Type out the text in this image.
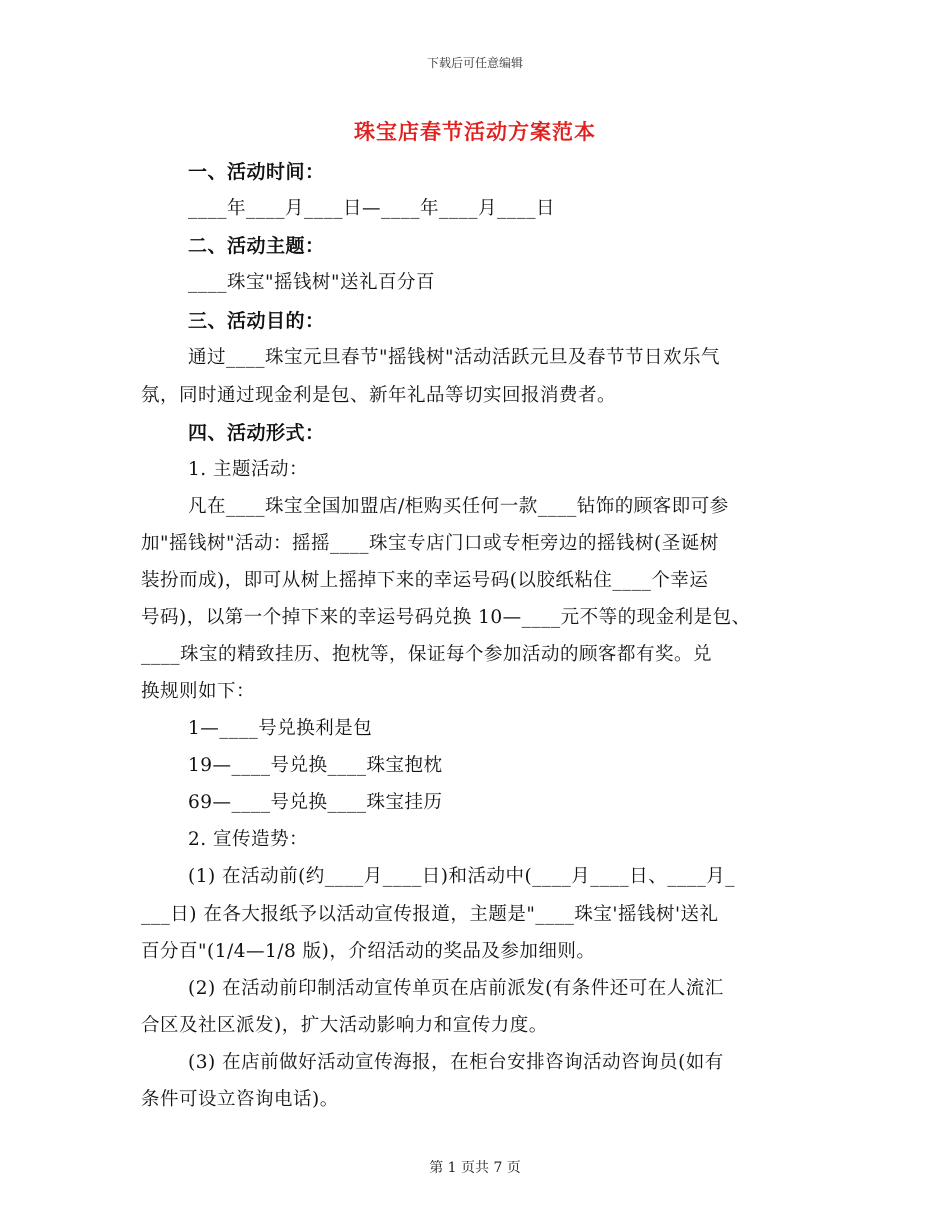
下载后可任意编辑
珠宝店春节活动方案范本
一、活动时间：
____年____月____日—____年____月____日
二、活动主题：
____珠宝"摇钱树"送礼百分百
三、活动目的：
通过____珠宝元旦春节"摇钱树"活动活跃元旦及春节节日欢乐气
氛，同时通过现金利是包、新年礼品等切实回报消费者。
四、活动形式：
1. 主题活动：
凡在____珠宝全国加盟店/柜购买任何一款____钻饰的顾客即可参
加"摇钱树"活动：摇摇____珠宝专店门口或专柜旁边的摇钱树(圣诞树
装扮而成)，即可从树上摇掉下来的幸运号码(以胶纸粘住____个幸运
号码)，以第一个掉下来的幸运号码兑换 10—____元不等的现金利是包、
____珠宝的精致挂历、抱枕等，保证每个参加活动的顾客都有奖。兑
换规则如下：
1—____号兑换利是包
19—____号兑换____珠宝抱枕
69—____号兑换____珠宝挂历
2. 宣传造势：
(1) 在活动前(约____月____日)和活动中(____月____日、____月_
___日) 在各大报纸予以活动宣传报道，主题是"____珠宝'摇钱树'送礼
百分百"(1/4—1/8 版)，介绍活动的奖品及参加细则。
(2) 在活动前印制活动宣传单页在店前派发(有条件还可在人流汇
合区及社区派发)，扩大活动影响力和宣传力度。
(3) 在店前做好活动宣传海报，在柜台安排咨询活动咨询员(如有
条件可设立咨询电话)。
第 1 页共 7 页
